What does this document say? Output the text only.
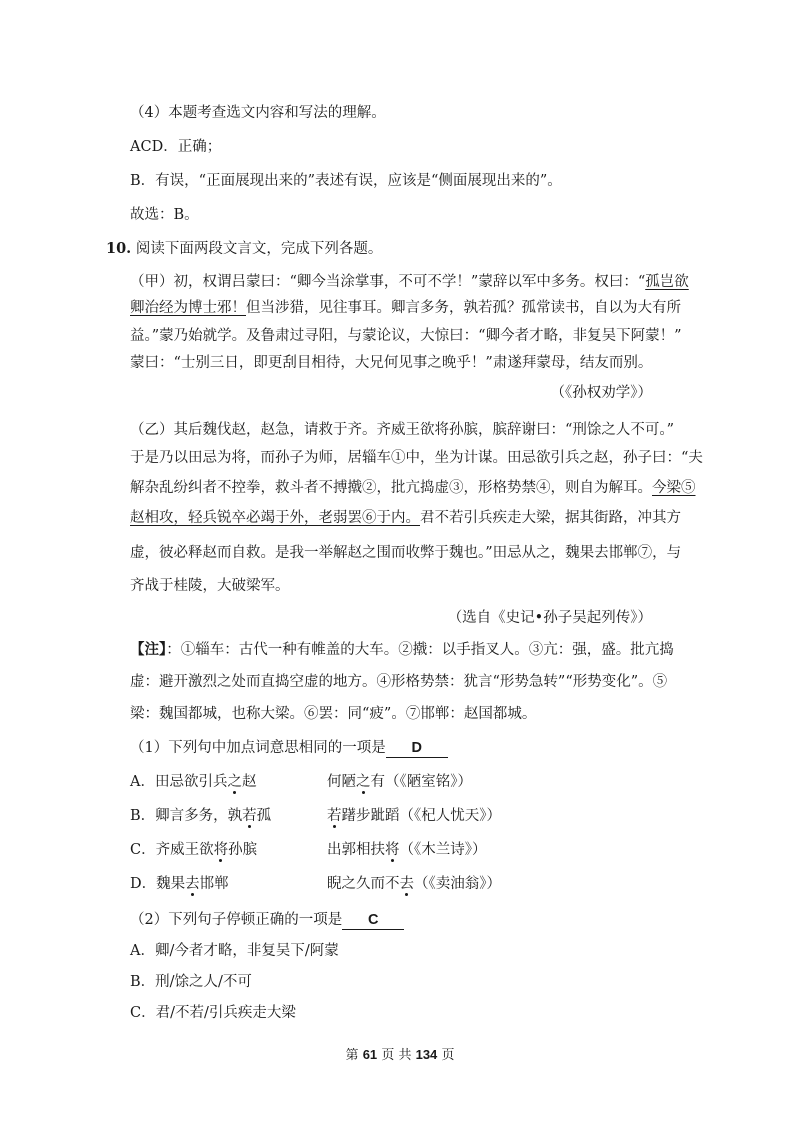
（4）本题考查选文内容和写法的理解。
ACD．正确；
B．有误，“正面展现出来的”表述有误，应该是“侧面展现出来的”。
故选：B。
10. 阅读下面两段文言文，完成下列各题。
（甲）初，权谓吕蒙曰：“卿今当涂掌事，不可不学！”蒙辞以军中多务。权曰：“孤岂欲
卿治经为博士邪！但当涉猎，见往事耳。卿言多务，孰若孤？孤常读书，自以为大有所
益。”蒙乃始就学。及鲁肃过寻阳，与蒙论议，大惊曰：“卿今者才略，非复吴下阿蒙！”
蒙曰：“士别三日，即更刮目相待，大兄何见事之晚乎！”肃遂拜蒙母，结友而别。
（《孙权劝学》）
（乙）其后魏伐赵，赵急，请救于齐。齐威王欲将孙膑，膑辞谢曰：“刑馀之人不可。”
于是乃以田忌为将，而孙子为师，居辎车①中，坐为计谋。田忌欲引兵之赵，孙子曰：“夫
解杂乱纷纠者不控拳，救斗者不搏撠②，批亢捣虚③，形格势禁④，则自为解耳。今梁⑤
赵相攻，轻兵锐卒必竭于外，老弱罢⑥于内。君不若引兵疾走大梁，据其街路，冲其方
虚，彼必释赵而自救。是我一举解赵之围而收弊于魏也。”田忌从之，魏果去邯郸⑦，与
齐战于桂陵，大破梁军。
（选自《史记•孙子吴起列传》）
【注】：①辎车：古代一种有帷盖的大车。②撠：以手指叉人。③亢：强，盛。批亢捣
虚：避开激烈之处而直捣空虚的地方。④形格势禁：犹言“形势急转”“形势变化”。⑤
梁：魏国都城，也称大梁。⑥罢：同“疲”。⑦邯郸：赵国都城。
（1）下列句中加点词意思相同的一项是 D
A．田忌欲引兵之赵	何陋之有（《陋室铭》）
B．卿言多务，孰若孤	若躇步跐蹈（《杞人忧天》）
C．齐威王欲将孙膑	出郭相扶将（《木兰诗》）
D．魏果去邯郸	睨之久而不去（《卖油翁》）
（2）下列句子停顿正确的一项是 C
A．卿/今者才略，非复吴下/阿蒙
B．刑/馀之人/不可
C．君/不若/引兵疾走大梁
第 61 页 共 134 页
